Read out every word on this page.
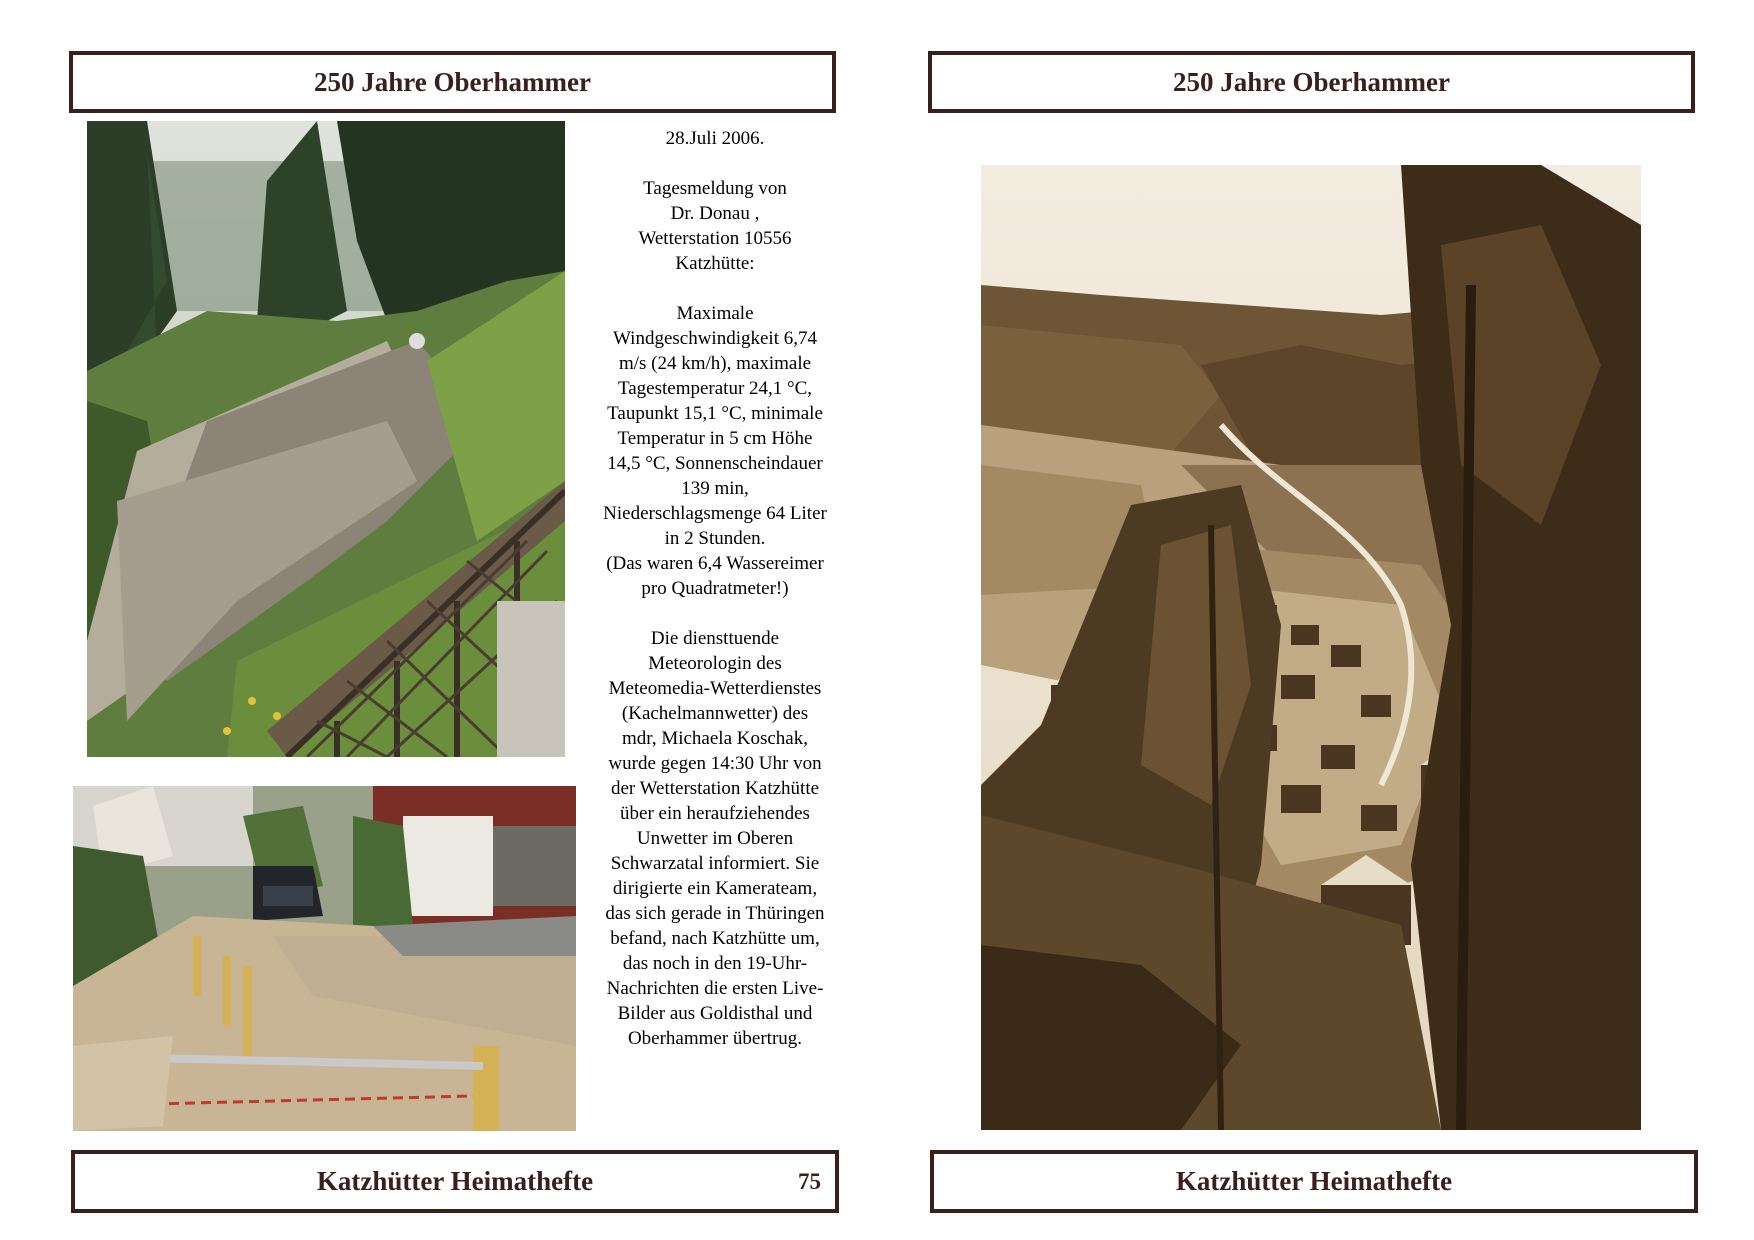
250 Jahre Oberhammer
28.Juli 2006.
Tagesmeldung von
Dr. Donau ,
Wetterstation 10556
Katzhütte:
Maximale
Windgeschwindigkeit 6,74
m/s (24 km/h), maximale
Tagestemperatur 24,1 °C,
Taupunkt 15,1 °C, minimale
Temperatur in 5 cm Höhe
14,5 °C, Sonnenscheindauer
139 min,
Niederschlagsmenge 64 Liter
in 2 Stunden.
(Das waren 6,4 Wassereimer
pro Quadratmeter!)
Die diensttuende
Meteorologin des
Meteomedia-Wetterdienstes
(Kachelmannwetter) des
mdr, Michaela Koschak,
wurde gegen 14:30 Uhr von
der Wetterstation Katzhütte
über ein heraufziehendes
Unwetter im Oberen
Schwarzatal informiert. Sie
dirigierte ein Kamerateam,
das sich gerade in Thüringen
befand, nach Katzhütte um,
das noch in den 19-Uhr-
Nachrichten die ersten Live-
Bilder aus Goldisthal und
Oberhammer übertrug.
Katzhütter Heimathefte	75
250 Jahre Oberhammer
Katzhütter Heimathefte
